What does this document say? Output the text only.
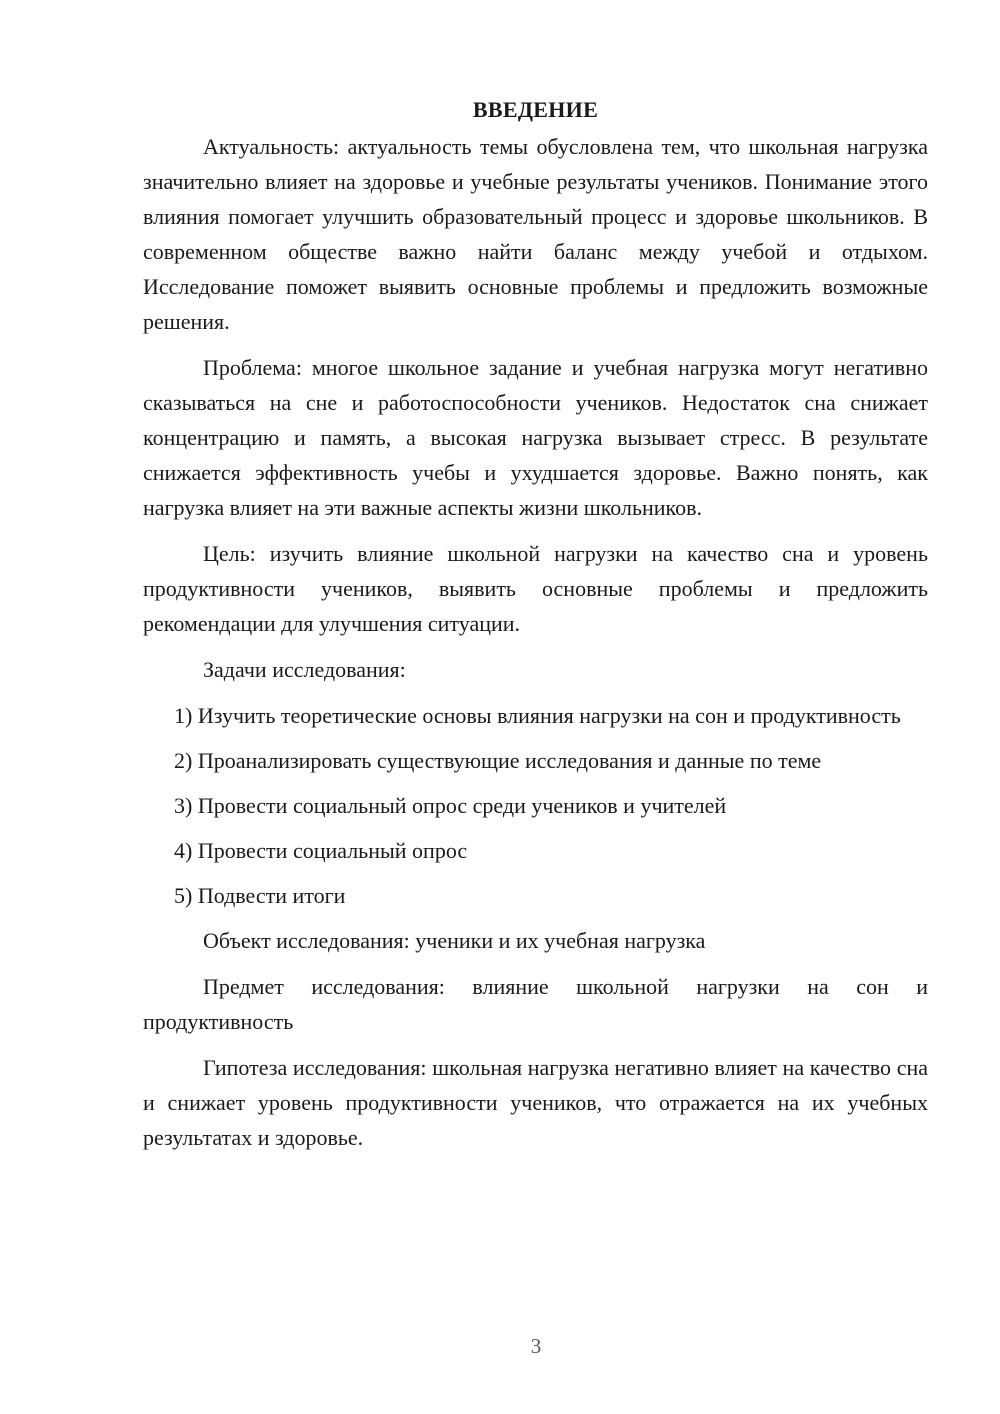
ВВЕДЕНИЕ

Актуальность: актуальность темы обусловлена тем, что школьная нагрузка значительно влияет на здоровье и учебные результаты учеников. Понимание этого влияния помогает улучшить образовательный процесс и здоровье школьников. В современном обществе важно найти баланс между учебой и отдыхом. Исследование поможет выявить основные проблемы и предложить возможные решения.

Проблема: многое школьное задание и учебная нагрузка могут негативно сказываться на сне и работоспособности учеников. Недостаток сна снижает концентрацию и память, а высокая нагрузка вызывает стресс. В результате снижается эффективность учебы и ухудшается здоровье. Важно понять, как нагрузка влияет на эти важные аспекты жизни школьников.

Цель: изучить влияние школьной нагрузки на качество сна и уровень продуктивности учеников, выявить основные проблемы и предложить рекомендации для улучшения ситуации.

Задачи исследования:

1) Изучить теоретические основы влияния нагрузки на сон и продуктивность

2) Проанализировать существующие исследования и данные по теме

3) Провести социальный опрос среди учеников и учителей

4) Провести социальный опрос

5) Подвести итоги

Объект исследования: ученики и их учебная нагрузка

Предмет исследования: влияние школьной нагрузки на сон и продуктивность

Гипотеза исследования: школьная нагрузка негативно влияет на качество сна и снижает уровень продуктивности учеников, что отражается на их учебных результатах и здоровье.

3
